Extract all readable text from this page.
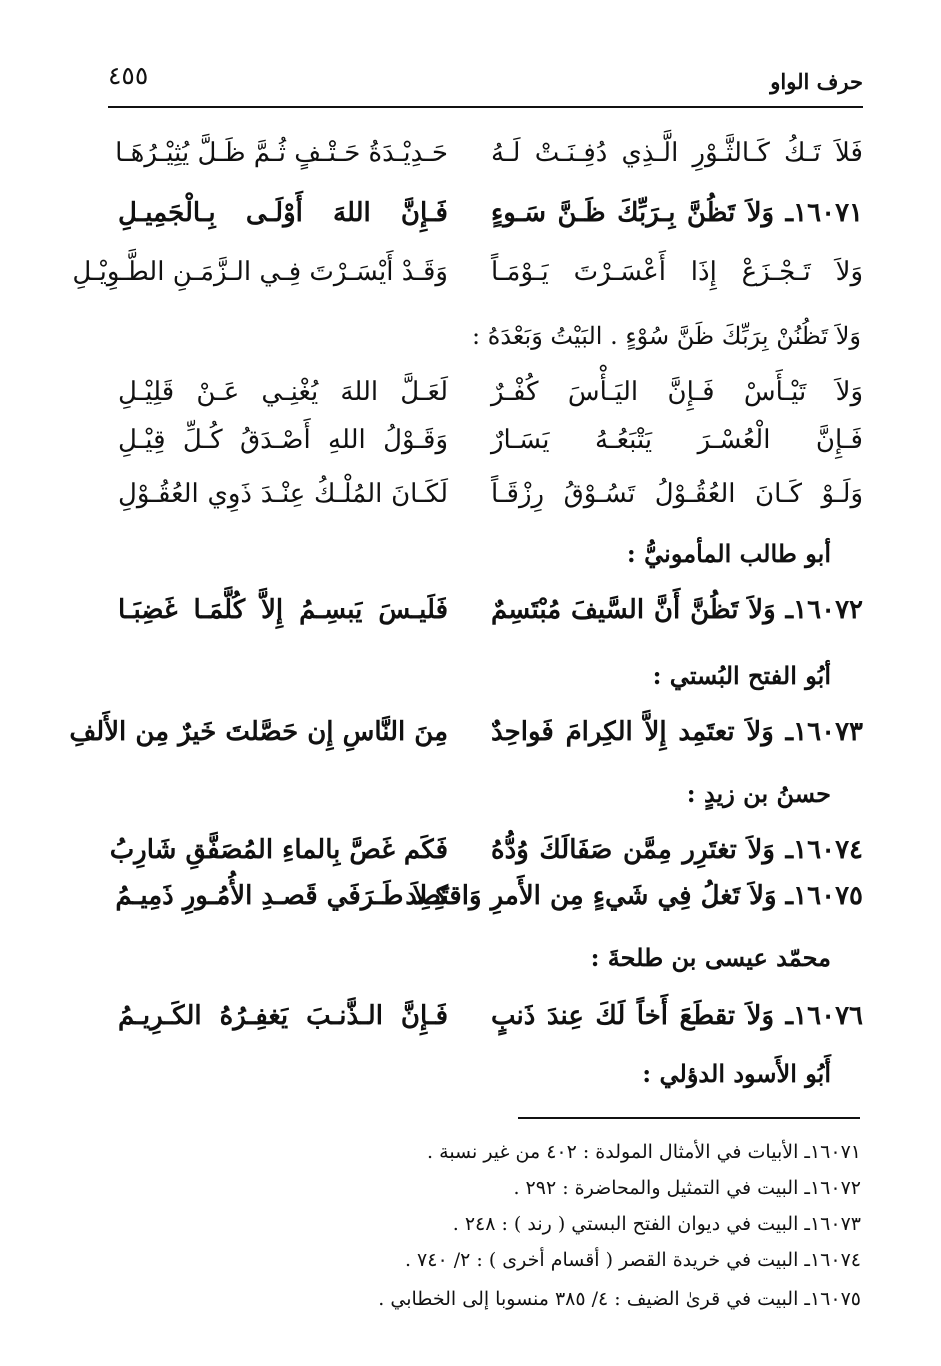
حرف الواو
٤٥٥
فَلاَ تَـكُ كَـالثَّـوْرِ الَّـذِي دُفِـنَـتْ لَـهُ
حَـدِيْـدَةُ حَـتْـفٍ ثُـمَّ ظَـلَّ يُثِيْـرُهَـا
١٦٠٧١ـ وَلاَ تَظُنَّ بِـرَبِّكَ ظَـنَّ سَـوءٍ
فَـإِنَّ اللهَ أَوْلَـى بِـالْجَمِيـلِ
وَلاَ تَـجْـزَعْ إِذَا أَعْسَـرْتَ يَـوْمَـاً
وَقَـدْ أَيْسَـرْتَ فِـي الـزَّمَـنِ الطَّـوِيْـلِ
وَلاَ تَظُنُنْ بِرَبِّكَ ظَنَّ سُوْءٍ . البَيْتُ وَبَعْدَهُ :
وَلاَ تَيْـأَسْ فَـإِنَّ اليَـأْسَ كُفْـرٌ
لَعَـلَّ اللهَ يُغْنِـي عَـنْ قَلِيْـلِ
فَـإِنَّ الْعُسْـرَ يَتْبَعُـهُ يَسَـارٌ
وَقَـوْلُ اللهِ أَصْـدَقُ كُـلِّ قِيْـلِ
وَلَـوْ كَـانَ العُقُـوْلُ تَسُـوْقُ رِزْقَـاً
لَكَـانَ المُلْـكُ عِنْـدَ ذَوِي العُقُـوْلِ
أبو طالب المأمونيُّ :
١٦٠٧٢ـ وَلاَ تَظُنَّ أَنَّ السَّيفَ مُبْتَسِمٌ
فَلَيـسَ يَبسِـمُ إِلاَّ كُلَّمَـا غَضِبَـا
أبُو الفتح البُستي :
١٦٠٧٣ـ وَلاَ تعتَمِد إِلاَّ الكِرامَ فَواحِدٌ
مِنَ النَّاسِ إِن حَصَّلتَ خَيرٌ مِن الأَلفِ
حسنُ بن زيدٍ :
١٦٠٧٤ـ وَلاَ تغتَرِر مِمَّن صَفَالَكَ وُدُّهُ
فَكَم غَصَّ بِالماءِ المُصَفَّقِ شَارِبُ
١٦٠٧٥ـ وَلاَ تَغلُ فِي شَيءٍ مِن الأَمرِ وَاقتَصِد
كِـلاَ طَـرَفَي قَصـدِ الأُمُـورِ ذَمِيـمُ
محمّد عيسى بن طلحةَ :
١٦٠٧٦ـ وَلاَ تقطَعَ أَخاً لَكَ عِندَ ذَنبٍ
فَـإِنَّ الـذَّنـبَ يَغفِـرُهُ الكَـرِيـمُ
أَبُو الأَسود الدؤلي :
١٦٠٧١ـ الأبيات في الأمثال المولدة : ٤٠٢ من غير نسبة .
١٦٠٧٢ـ البيت في التمثيل والمحاضرة : ٢٩٢ .
١٦٠٧٣ـ البيت في ديوان الفتح البستي ( رند ) : ٢٤٨ .
١٦٠٧٤ـ البيت في خريدة القصر ( أقسام أخرى ) : ٢/ ٧٤٠ .
١٦٠٧٥ـ البيت في قرىٰ الضيف : ٤/ ٣٨٥ منسوبا إلى الخطابي .
